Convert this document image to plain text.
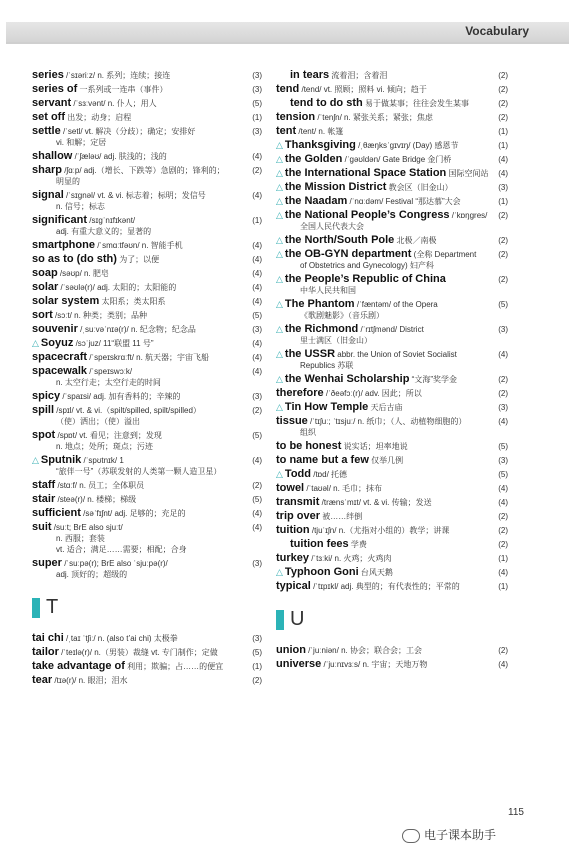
Vocabulary
series /ˈsɪəriːz/ n. 系列；连续；接连	(3)
series of 一系列或一连串（事件）	(3)
servant /ˈsɜːvənt/ n. 仆人；用人	(5)
set off 出发；动身；启程	(1)
settle /ˈsetl/ vt. 解决（分歧）；确定；安排好
vi. 和解；定居
(3)
shallow /ˈʃæləʊ/ adj. 肤浅的；浅的	(4)
sharp /ʃɑːp/ adj.（增长、下跌等）急剧的；锋利的；
明显的
(2)
signal /ˈsɪɡnəl/ vt. & vi. 标志着；标明；发信号
n. 信号；标志
(4)
significant /sɪɡˈnɪfɪkənt/
adj. 有重大意义的；显著的
(1)
smartphone /ˈsmɑːtfəʊn/ n. 智能手机	(4)
so as to (do sth) 为了；以便	(4)
soap /səʊp/ n. 肥皂	(4)
solar /ˈsəʊlə(r)/ adj. 太阳的；太阳能的	(4)
solar system 太阳系；类太阳系	(4)
sort /sɔːt/ n. 种类；类别；品种	(5)
souvenir /ˌsuːvəˈnɪə(r)/ n. 纪念物；纪念品	(3)
△ Soyuz /sɔˈjuz/ 11“联盟 11 号”	(4)
spacecraft /ˈspeɪskrɑːft/ n. 航天器；宇宙飞船	(4)
spacewalk /ˈspeɪswɔːk/
n. 太空行走；太空行走的时间
(4)
spicy /ˈspaɪsi/ adj. 加有香料的；辛辣的	(3)
spill /spɪl/ vt. & vi.（spilt/spilled, spilt/spilled）
（使）洒出；（使）溢出
(2)
spot /spɒt/ vt. 看见；注意到；发现
n. 地点；处所；斑点；污迹
(5)
△ Sputnik /ˈspʊtnɪk/ 1
“旅伴一号”（苏联发射的人类第一颗人造卫星）
(4)
staff /stɑːf/ n. 员工；全体职员	(2)
stair /steə(r)/ n. 楼梯；梯级	(5)
sufficient /səˈfɪʃnt/ adj. 足够的；充足的	(4)
suit /suːt; BrE also sjuːt/
n. 西服；套装
vt. 适合；满足……需要；相配；合身
(4)
super /ˈsuːpə(r); BrE also ˈsjuːpə(r)/
adj. 顶好的；超级的
(3)
T
tai chi /ˌtaɪ ˈtʃiː/ n. (also t’ai chi) 太极拳	(3)
tailor /ˈteɪlə(r)/ n.（男装）裁缝 vt. 专门制作；定做	(5)
take advantage of 利用；欺骗；占……的便宜	(1)
tear /tɪə(r)/ n. 眼泪；泪水	(2)
in tears 流着泪；含着泪	(2)
tend /tend/ vt. 照顾；照料 vi. 倾向；趋于	(2)
tend to do sth 易于做某事；往往会发生某事	(2)
tension /ˈtenʃn/ n. 紧张关系；紧张；焦虑	(2)
tent /tent/ n. 帐篷	(1)
△ Thanksgiving /ˌθæŋksˈɡɪvɪŋ/ (Day) 感恩节	(1)
△ the Golden /ˈɡəʊldən/ Gate Bridge 金门桥	(4)
△ the International Space Station 国际空间站 (4)
△ the Mission District 教会区（旧金山）	(3)
△ the Naadam /ˈnɑːdəm/ Festival “那达慕”大会	(1)
△ the National People’s Congress /ˈkɒŋɡres/
全国人民代表大会
(2)
△ the North/South Pole 北极／南极	(2)
△ the OB-GYN department (全称 Department
of Obstetrics and Gynecology) 妇产科
(2)
△ the People’s Republic of China
中华人民共和国
(2)
△ The Phantom /ˈfæntəm/ of the Opera
《歌剧魅影》（音乐剧）
(5)
△ the Richmond /ˈrɪtʃmənd/ District
里士满区（旧金山）
(3)
△ the USSR abbr. the Union of Soviet Socialist
Republics 苏联
(4)
△ the Wenhai Scholarship “文海”奖学金	(2)
therefore /ˈðeəfɔː(r)/ adv. 因此；所以	(2)
△ Tin How Temple 天后古庙	(3)
tissue /ˈtɪʃuː; ˈtɪsjuː/ n. 纸巾；（人、动植物细胞的）
组织
(4)
to be honest 说实话；坦率地说	(5)
to name but a few 仅举几例	(3)
△ Todd /tɒd/ 托德	(5)
towel /ˈtaʊəl/ n. 毛巾；抹布	(4)
transmit /trænsˈmɪt/ vt. & vi. 传输；发送	(4)
trip over 被……绊倒	(2)
tuition /tjuˈɪʃn/ n.（尤指对小组的）教学；讲课	(2)
tuition fees 学费	(2)
turkey /ˈtɜːki/ n. 火鸡；火鸡肉	(1)
△ Typhoon Goni 台风天鹅	(4)
typical /ˈtɪpɪkl/ adj. 典型的；有代表性的；平常的	(1)
U
union /ˈjuːniən/ n. 协会；联合会；工会	(2)
universe /ˈjuːnɪvɜːs/ n. 宇宙；天地万物	(4)
115
电子课本助手
